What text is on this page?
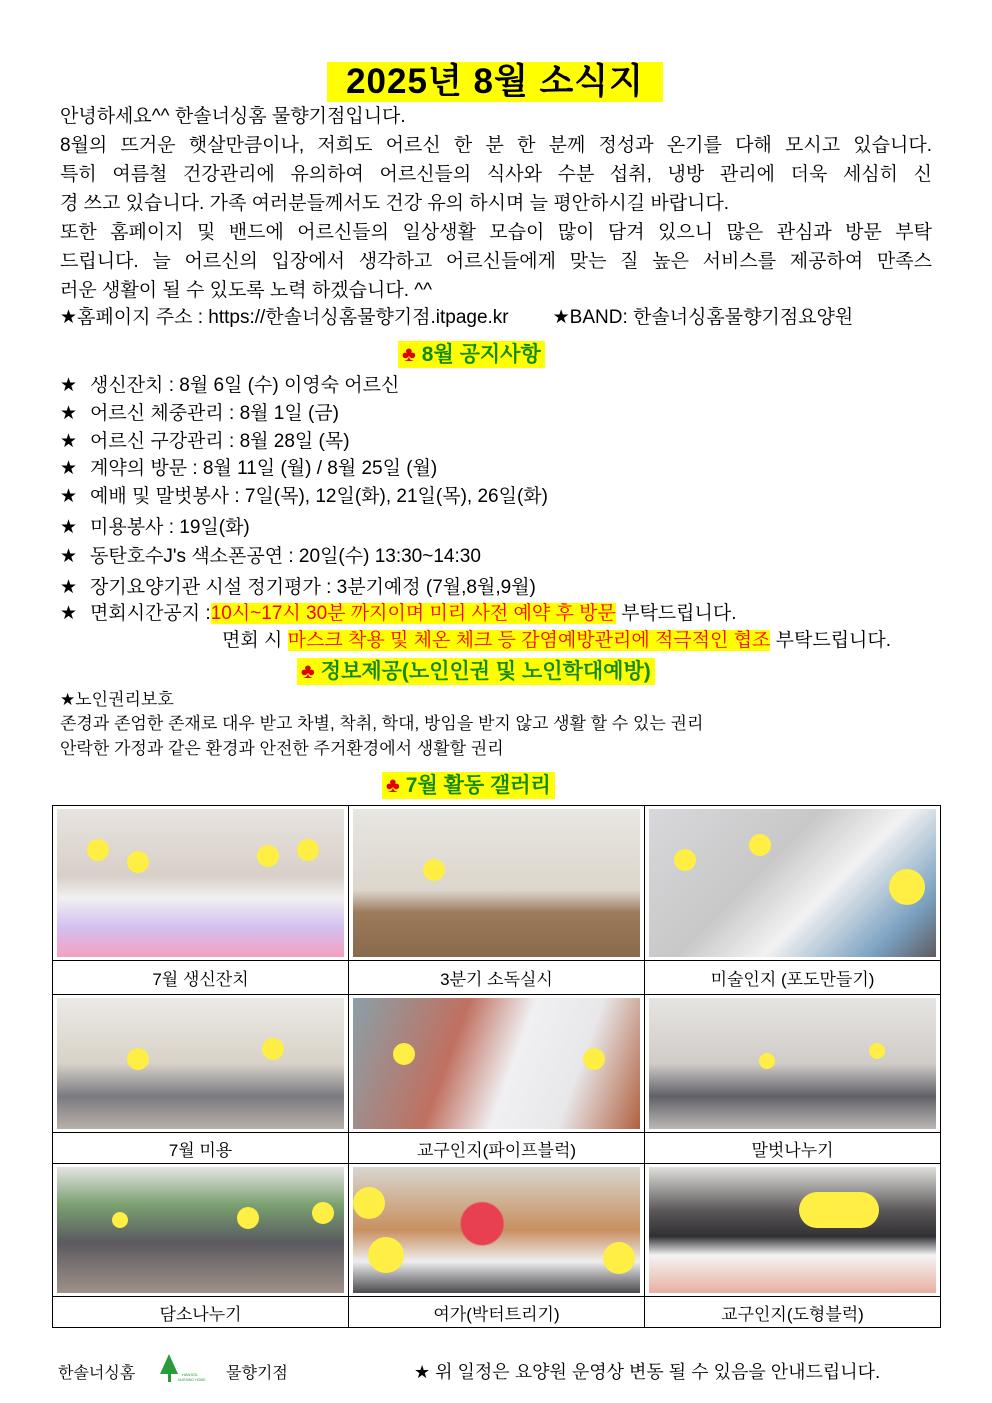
2025년 8월 소식지
안녕하세요^^ 한솔너싱홈 물향기점입니다.
8월의 뜨거운 햇살만큼이나, 저희도 어르신 한 분 한 분께 정성과 온기를 다해 모시고 있습니다.
특히 여름철 건강관리에 유의하여 어르신들의 식사와 수분 섭취, 냉방 관리에 더욱 세심히 신
경 쓰고 있습니다. 가족 여러분들께서도 건강 유의 하시며 늘 평안하시길 바랍니다.
또한 홈페이지 및 밴드에 어르신들의 일상생활 모습이 많이 담겨 있으니 많은 관심과 방문 부탁
드립니다. 늘 어르신의 입장에서 생각하고 어르신들에게 맞는 질 높은 서비스를 제공하여 만족스
러운 생활이 될 수 있도록 노력 하겠습니다. ^^
★홈페이지 주소 : https://한솔너싱홈물향기점.itpage.kr ★BAND: 한솔너싱홈물향기점요양원
♣ 8월 공지사항
★ 생신잔치 : 8월 6일 (수) 이영숙 어르신
★ 어르신 체중관리 : 8월 1일 (금)
★ 어르신 구강관리 : 8월 28일 (목)
★ 계약의 방문 : 8월 11일 (월) / 8월 25일 (월)
★ 예배 및 말벗봉사 : 7일(목), 12일(화), 21일(목), 26일(화)
★ 미용봉사 : 19일(화)
★ 동탄호수J's 색소폰공연 : 20일(수) 13:30~14:30
★ 장기요양기관 시설 정기평가 : 3분기예정 (7월,8월,9월)
★ 면회시간공지 :10시~17시 30분 까지이며 미리 사전 예약 후 방문 부탁드립니다.
면회 시 마스크 착용 및 체온 체크 등 감염예방관리에 적극적인 협조 부탁드립니다.
♣ 정보제공(노인인권 및 노인학대예방)
★노인권리보호
존경과 존엄한 존재로 대우 받고 차별, 착취, 학대, 방임을 받지 않고 생활 할 수 있는 권리
안락한 가정과 같은 환경과 안전한 주거환경에서 생활할 권리
♣ 7월 활동 갤러리

7월 생신잔치	3분기 소독실시	미술인지 (포도만들기)

7월 미용	교구인지(파이프블럭)	말벗나누기

담소나누기	여가(박터트리기)	교구인지(도형블럭)
한솔너싱홈	HANSOL
NURSING HOME 물향기점	★ 위 일정은 요양원 운영상 변동 될 수 있음을 안내드립니다.
